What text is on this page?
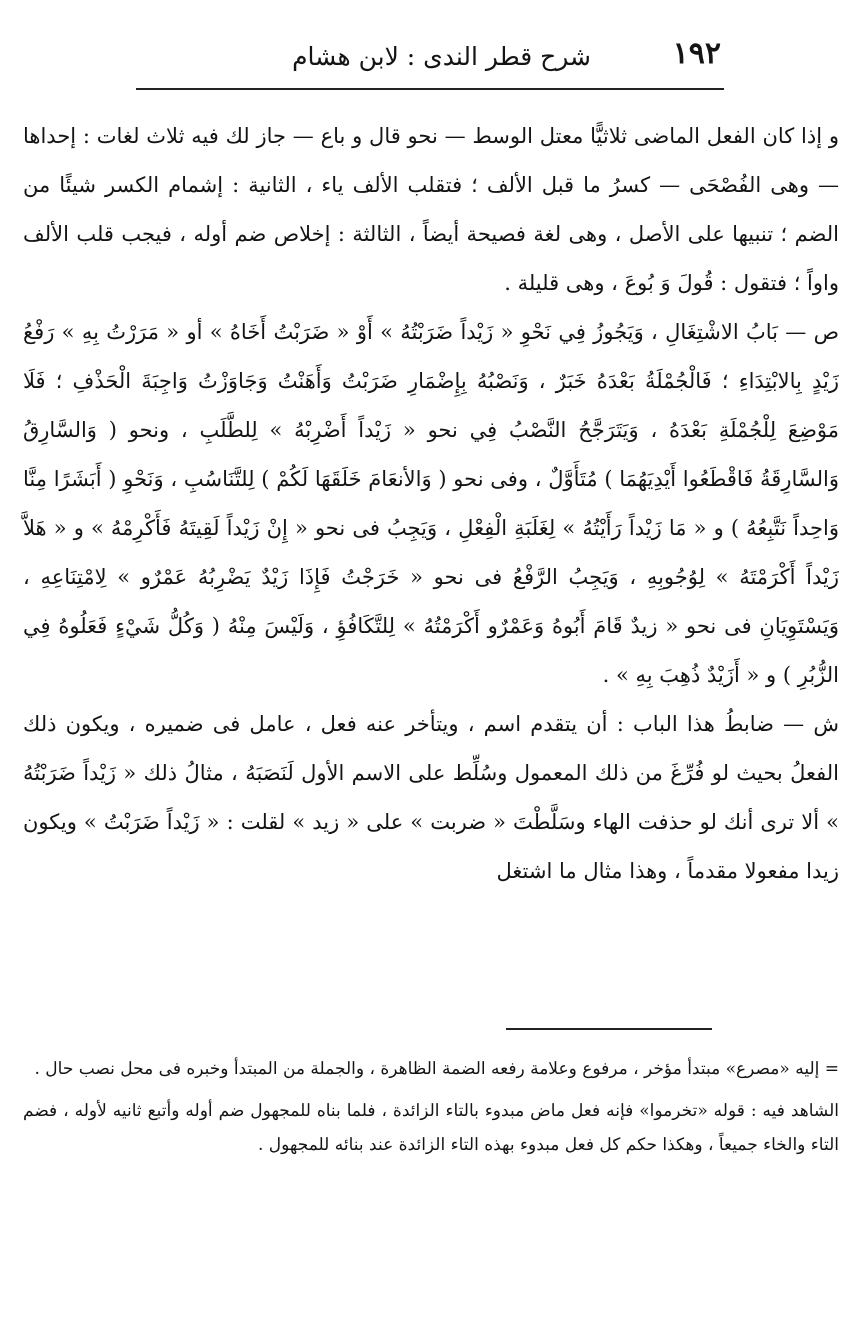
١٩٢
شرح قطر الندى : لابن هشام

و إذا كان الفعل الماضى ثلاثيًّا معتل الوسط — نحو قال و باع — جاز لك فيه ثلاث لغات : إحداها — وهى الفُصْحَى — كسرُ ما قبل الألف ؛ فتقلب الألف ياء ، الثانية : إشمام الكسر شيئًا من الضم ؛ تنبيها على الأصل ، وهى لغة فصيحة أيضاً ، الثالثة : إخلاص ضم أوله ، فيجب قلب الألف واواً ؛ فتقول : قُولَ وَ بُوعَ ، وهى قليلة .

ص — بَابُ الاشْتِغَالِ ، وَيَجُوزُ فِي نَحْوِ « زَيْداً ضَرَبْتُهُ » أَوْ « ضَرَبْتُ أَخَاهُ » أو « مَرَرْتُ بِهِ » رَفْعُ زَيْدٍ بِالابْتِدَاءِ ؛ فَالْجُمْلَةُ بَعْدَهُ خَبَرٌ ، وَنَصْبُهُ بِإِضْمَارِ ضَرَبْتُ وَأَهَنْتُ وَجَاوَزْتُ وَاجِبَةَ الْحَذْفِ ؛ فَلَا مَوْضِعَ لِلْجُمْلَةِ بَعْدَهُ ، وَيَتَرَجَّحُ النَّصْبُ فِي نحو « زَيْداً أَضْرِبْهُ » لِلطَّلَبِ ، ونحو ( وَالسَّارِقُ وَالسَّارِقَةُ فَاقْطَعُوا أَيْدِيَهُمَا ) مُتَأَوَّلٌ ، وفى نحو ( وَالأنعَامَ خَلَقَهَا لَكُمْ ) لِلتَّنَاسُبِ ، وَنَحْوِ ( أَبَشَرًا مِنَّا وَاحِداً نَتَّبِعُهُ ) و « مَا زَيْداً رَأَيْتُهُ » لِغَلَبَةِ الْفِعْلِ ، وَيَجِبُ فى نحو « إِنْ زَيْداً لَقِيتَهُ فَأَكْرِمْهُ » و « هَلاَّ زَيْداً أَكْرَمْتَهُ » لِوُجُوبِهِ ، وَيَجِبُ الرَّفْعُ فى نحو « خَرَجْتُ فَإِذَا زَيْدٌ يَضْرِبُهُ عَمْرٌو » لِامْتِنَاعِهِ ، وَيَسْتَوِيَانِ فى نحو « زيدٌ قَامَ أَبُوهُ وَعَمْرٌو أَكْرَمْتُهُ » لِلتَّكَافُؤِ ، وَلَيْسَ مِنْهُ ( وَكُلُّ شَيْءٍ فَعَلُوهُ فِي الزُّبُرِ ) و « أَزَيْدٌ ذُهِبَ بِهِ » .

ش — ضابطُ هذا الباب : أن يتقدم اسم ، ويتأخر عنه فعل ، عامل فى ضميره ، ويكون ذلك الفعلُ بحيث لو فُرِّغَ من ذلك المعمول وسُلِّط على الاسم الأول لَنَصَبَهُ ، مثالُ ذلك « زَيْداً ضَرَبْتُهُ » ألا ترى أنك لو حذفت الهاء وسَلَّطْتَ « ضربت » على « زيد » لقلت : « زَيْداً ضَرَبْتُ » ويكون زيدا مفعولا مقدماً ، وهذا مثال ما اشتغل

= إليه «مصرع» مبتدأ مؤخر ، مرفوع وعلامة رفعه الضمة الظاهرة ، والجملة من المبتدأ وخبره فى محل نصب حال .

الشاهد فيه : قوله «تخرموا» فإنه فعل ماض مبدوء بالتاء الزائدة ، فلما بناه للمجهول ضم أوله وأتبع ثانيه لأوله ، فضم التاء والخاء جميعاً ، وهكذا حكم كل فعل مبدوء بهذه التاء الزائدة عند بنائه للمجهول .
